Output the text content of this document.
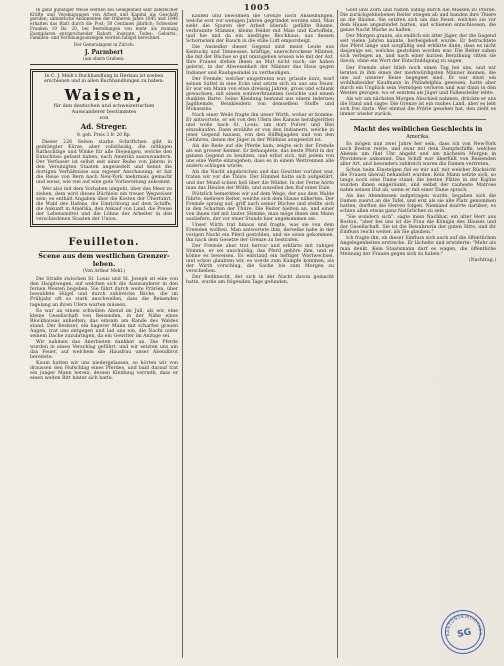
1005

In ganz günstiger Weise werden bei Gelegenheit sehr zahlreicher Kräfte und Vereinigungen von Arbeit und Kapital ins Geschäft gerufen; sämmtliche Abonnenten der früheren Jahre 1845 und 1846 erhalten das Blatt durch die Post; 50 Centimes jährlich; Schweizer Franken 10 Bz. 20, bei Bestellungen von mehr als zwanzig Exemplaren entsprechender Rabatt. Inserate, Todes-, Geburts-, Familien- und Verlobungsanzeigen werden billigst berechnet.

Der Generalagent in Zürich:

J. Parmbert

(am obern Graben).

In C. J. Meili's Buchhandlung in Herisau ist soeben erschienen und in allen Buchhandlungen zu haben:
Waisen,
für den deutschen und schweizerischen Auswanderer bestimmtes
von
Ad. Streger.
8. geh. Preis 3 fr. 20 Rp.

Dieser 226 Seiten starke Schriftchen gibt in gedrängter Kürze, aber vollständig, die nöthigen Rathschläge und Winke für alle Diejenigen, welche den Entschluss gefasst haben, nach Amerika auszuwandern. Der Verfasser ist selbst seit einer Reihe von Jahren in den Vereinigten Staaten angesiedelt und kennt die dortigen Verhältnisse aus eigener Anschauung; er hat die Reise von Bern nach New-York mehrmals gemacht und weiss, wie viel auf eine gute Vorbereitung ankommt.

Wer also mit dem Vorhaben umgeht, über das Meer zu ziehen, dem wird dieses Büchlein ein treuer Wegweiser sein; es enthält Angaben über die Kosten der Überfahrt, die Wahl des Hafens, die Einrichtung auf dem Schiffe, die Ankunft in Amerika, den Ankauf von Land, die Preise der Lebensmittel und die Löhne der Arbeiter in den verschiedenen Staaten der Union.

Feuilleton.
Scene aus dem westlichen Grenzer-leben.
(Von Arthur Mohl.)

Die Straße zwischen St. Louis und St. Joseph ist eine von den Hauptwegen, auf welchen sich die Auswanderer in den fernen Westen begeben. Sie führt durch weite Prärien, über bewaldete Hügel und durch zahlreiche Bäche, die im Frühjahr oft so stark anschwellen, dass die Reisenden tagelang an ihren Ufern warten müssen.

Es war an einem schwülen Abend im Juli, als wir, eine kleine Gesellschaft von Reisenden, in der Nähe eines Blockhauses anhielten, das einsam am Rande des Waldes stand. Der Besitzer, ein hagerer Mann mit scharfen grauen Augen, trat uns entgegen und lud uns ein, die Nacht unter seinem Dache zuzubringen, da ein Gewitter im Anzuge sei.

Wir nahmen das Anerbieten dankbar an. Die Pferde wurden in einen Verschlag geführt, und wir setzten uns um das Feuer, auf welchem die Hausfrau unser Abendbrot bereitete.

Kaum hatten wir uns niedergelassen, so hörten wir von draussen den Hufschlag eines Pferdes, und bald darauf trat ein junger Mann herein, dessen Kleidung verrieth, dass er einen weiten Ritt hinter sich hatte.

kaufen und bewohnen die Grenze noch Ansiedlungen, welche erst vor wenigen Jahren gegründet worden sind. Man sieht die Spuren der Arbeit überall: gefällte Bäume, verbrannte Stämme, kleine Felder mit Mais und Kartoffeln, und hie und da ein niedriges Blockhaus, aus dessen Schornstein der Rauch in die stille Luft emporsteigt.

Die Ansiedler dieser Gegend sind meist Leute aus Kentucky und Tennessee, kräftige, unerschrockene Männer, die mit der Büchse so gut umzugehen wissen wie mit der Axt. Ihre Frauen stehen ihnen an Mut nicht nach; sie haben gelernt, in der Abwesenheit der Männer das Haus gegen Indianer und Raubgesindel zu vertheidigen.

Der Fremde, welcher eingetreten war, grüsste kurz, warf seinen Sattel in eine Ecke und setzte sich zu uns ans Feuer. Er war ein Mann von etwa dreissig Jahren, gross und schlank gewachsen, mit einem sonnverbrannten Gesichte und einem dunklen Barte. Seine Kleidung bestand aus einem ledernen Jagdhemde, Beinkleidern von demselben Stoffe und Mokassins.

Nach einer Weile fragte ihn unser Wirth, woher er komme. Er antwortete, er sei von den Ufern des Kansas herabgeritten und wolle nach St. Louis, um dort Pulver und Blei einzukaufen. Dann erzählte er von den Indianern, welche in jener Gegend hausen, von den Büffeljagden und von den Gefahren, denen der Jäger in der Wildniss ausgesetzt ist.

Als die Rede auf die Pferde kam, zeigte sich der Fremde als ein grosser Kenner. Er behauptete, das beste Pferd in der ganzen Gegend zu besitzen, und erbot sich, mit jedem von uns eine Wette einzugehen, dass es in einem Wettrennen alle andern schlagen würde.

Als die Nacht angebrochen und das Gewitter vorüber war, traten wir vor die Thüre. Der Himmel hatte sich aufgeklärt, und der Mond schien hell über die Wälder. In der Ferne hörte man das Heulen der Wölfe, und zuweilen den Ruf einer Eule.

Plötzlich bemerkten wir auf dem Wege, der aus dem Walde führte, mehrere Reiter, welche sich dem Hause näherten. Der Fremde sprang auf, griff nach seiner Büchse und stellte sich in den Schatten der Thüre. Die Reiter hielten an, und einer von ihnen rief mit lauter Stimme, man möge ihnen den Mann ausliefern, der vor einer Stunde hier angekommen sei.

Unser Wirth trat hinaus und fragte, was sie von dem Fremden wollten. Man antwortete ihm, derselbe habe in der vorigen Nacht ein Pferd gestohlen, und sie seien gekommen, ihn nach dem Gesetze der Grenze zu bestrafen.

Der Fremde aber trat hervor und erklärte mit ruhiger Stimme, er sei unschuldig; das Pferd gehöre ihm, und er könne es beweisen. Es entstand ein heftiger Wortwechsel, und schon glaubten wir, es werde zum Kampfe kommen, als der Wirth vorschlug, die Sache bis zum Morgen zu verschieben.

Der Reitknecht, der sich in der Nacht davon gemacht hatte, wurde am folgenden Tage gefunden.

Gold und Zorn und rasten zählig durch die Massen zu Pferde. Die zurückgebliebenen Reiter stiegen ab und banden ihre Thiere an die Bäume. Sie setzten sich um das Feuer, welches sie vor dem Hause angezündet hatten, und schienen entschlossen, die ganze Nacht Wache zu halten.

Der Morgen graute, als endlich ein alter Jäger, der die Gegend seit vielen Jahren kannte, herbeigeholt wurde. Er betrachtete das Pferd lange und sorgfältig und erklärte dann, dass es nicht dasjenige sei, welches gestohlen worden war. Die Reiter sahen sich verlegen an, und nach einer kurzen Berathung ritten sie davon, ohne ein Wort der Entschuldigung zu sagen.

Der Fremde aber blieb noch einen Tag bei uns, und wir lernten in ihm einen der merkwürdigsten Männer kennen, die uns auf unserer Reise begegnet sind. Er war einst ein wohlhabender Kaufmann in Philadelphia gewesen, hatte aber durch ein Unglück sein Vermögen verloren und war dann in den Westen gezogen, wo er seitdem als Jäger und Fallensteller lebte.

Als wir am nächsten Morgen Abschied nahmen, drückte er uns die Hand und sagte: Die Grenze ist ein rauhes Land, aber es lebt sich frei darin. Wer einmal die Prärie gesehen hat, den zieht es immer wieder zurück.

Macht des weiblichen Geschlechts in
Amerika.

Es mögen nun zwei Jahre her sein, dass ich von New-York nach Boston reiste, und zwar mit dem Dampfschiffe, welches Abends um fünf Uhr abgeht und am nächsten Morgen in Providence ankommt. Das Schiff war überfüllt von Reisenden aller Art, und besonders zahlreich waren die Damen vertreten.

Schon beim Einsteigen fiel es mir auf, mit welcher Rücksicht die Frauen überall behandelt wurden. Kein Mann setzte sich, so lange noch eine Dame stand; die besten Plätze in der Kajüte wurden ihnen eingeräumt, und selbst der rauheste Matrose nahm seinen Hut ab, wenn er mit einer Dame sprach.

Als das Abendessen aufgetragen wurde, begaben sich die Damen zuerst an die Tafel, und erst als sie alle Platz genommen hatten, durften die Herren folgen. Niemand murrte darüber; es schien allen etwas ganz Natürliches zu sein.

"Sie wundern sich", sagte mein Nachbar, ein alter Herr aus Boston, "aber bei uns ist die Frau die Königin des Hauses und der Gesellschaft. Sie ist die Bewahrerin der guten Sitte, und ihr Einfluss reicht weiter, als Sie glauben."

Ich fragte ihn, ob dieser Einfluss sich auch auf die öffentlichen Angelegenheiten erstrecke. Er lächelte und erwiderte: "Mehr als man denkt. Kein Staatsmann darf es wagen, die öffentliche Meinung der Frauen gegen sich zu haben."

(Nachtrag.)
KANTONSBIBLIOTHEK
SG
